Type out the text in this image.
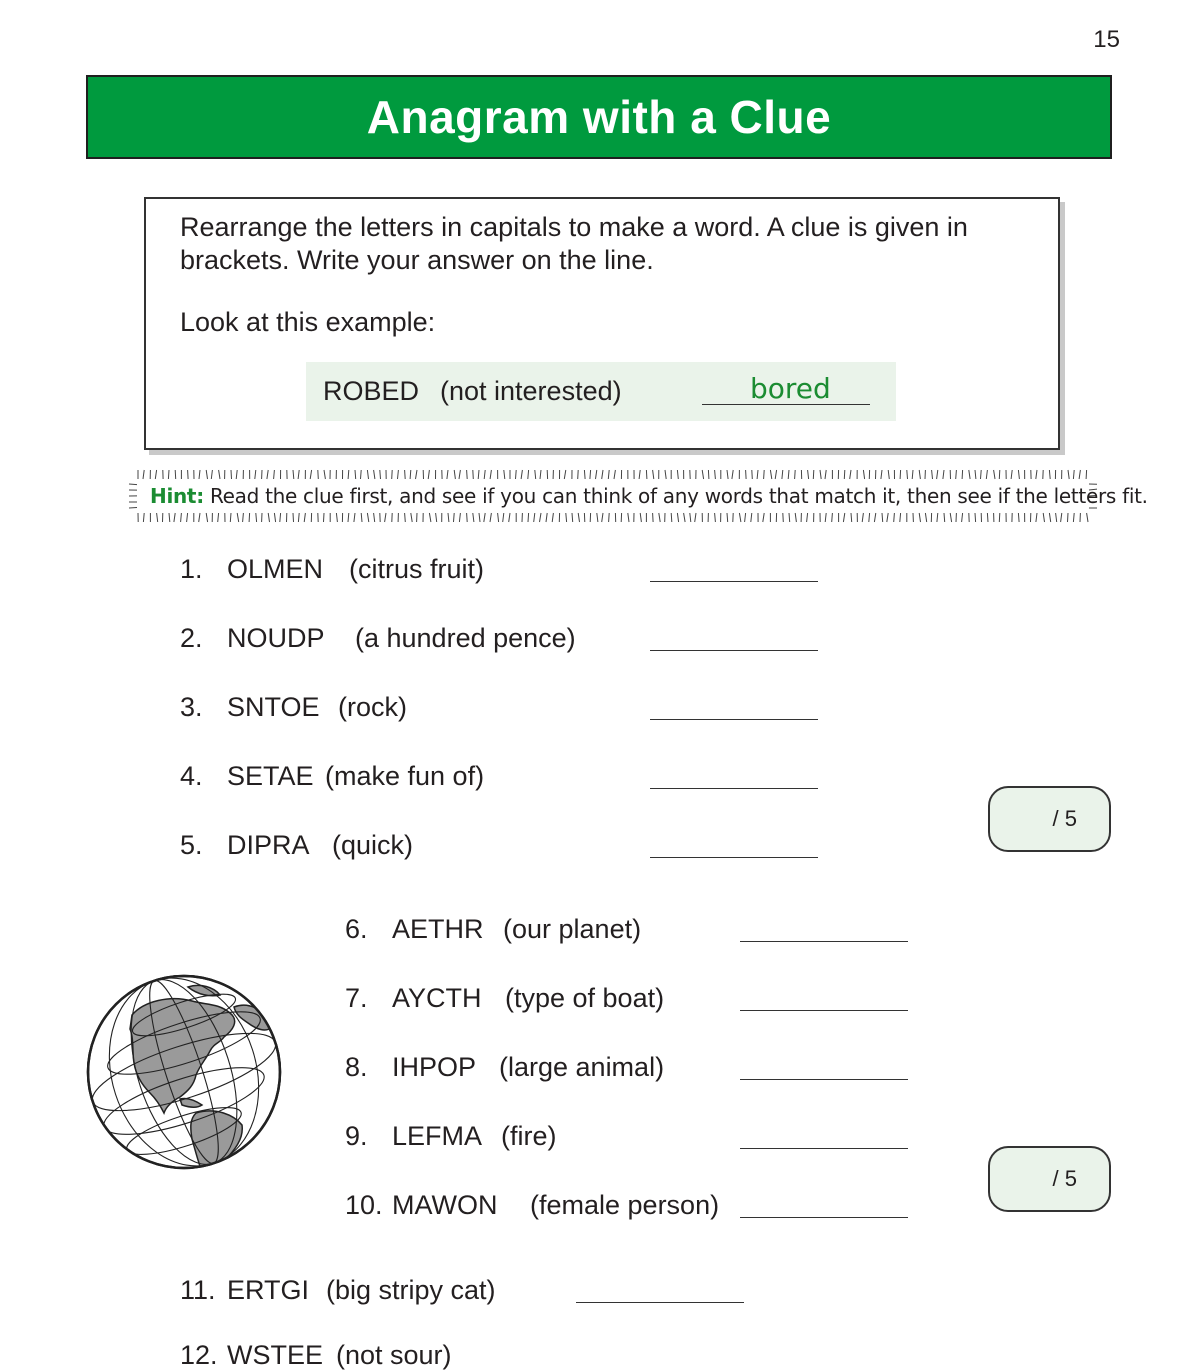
15
Anagram with a Clue
Rearrange the letters in capitals to make a word. A clue is given in brackets. Write your answer on the line.
Look at this example:
ROBED (not interested)	bored
Hint: Read the clue first, and see if you can think of any words that match it, then see if the letters fit.
1. OLMEN (citrus fruit)
2. NOUDP (a hundred pence)
3. SNTOE (rock)
4. SETAE (make fun of)
5. DIPRA (quick)
/ 5
6. AETHR (our planet)
7. AYCTH (type of boat)
8. IHPOP (large animal)
9. LEFMA (fire)
10. MAWON (female person)
/ 5
11. ERTGI (big stripy cat)
12. WSTEE (not sour)
